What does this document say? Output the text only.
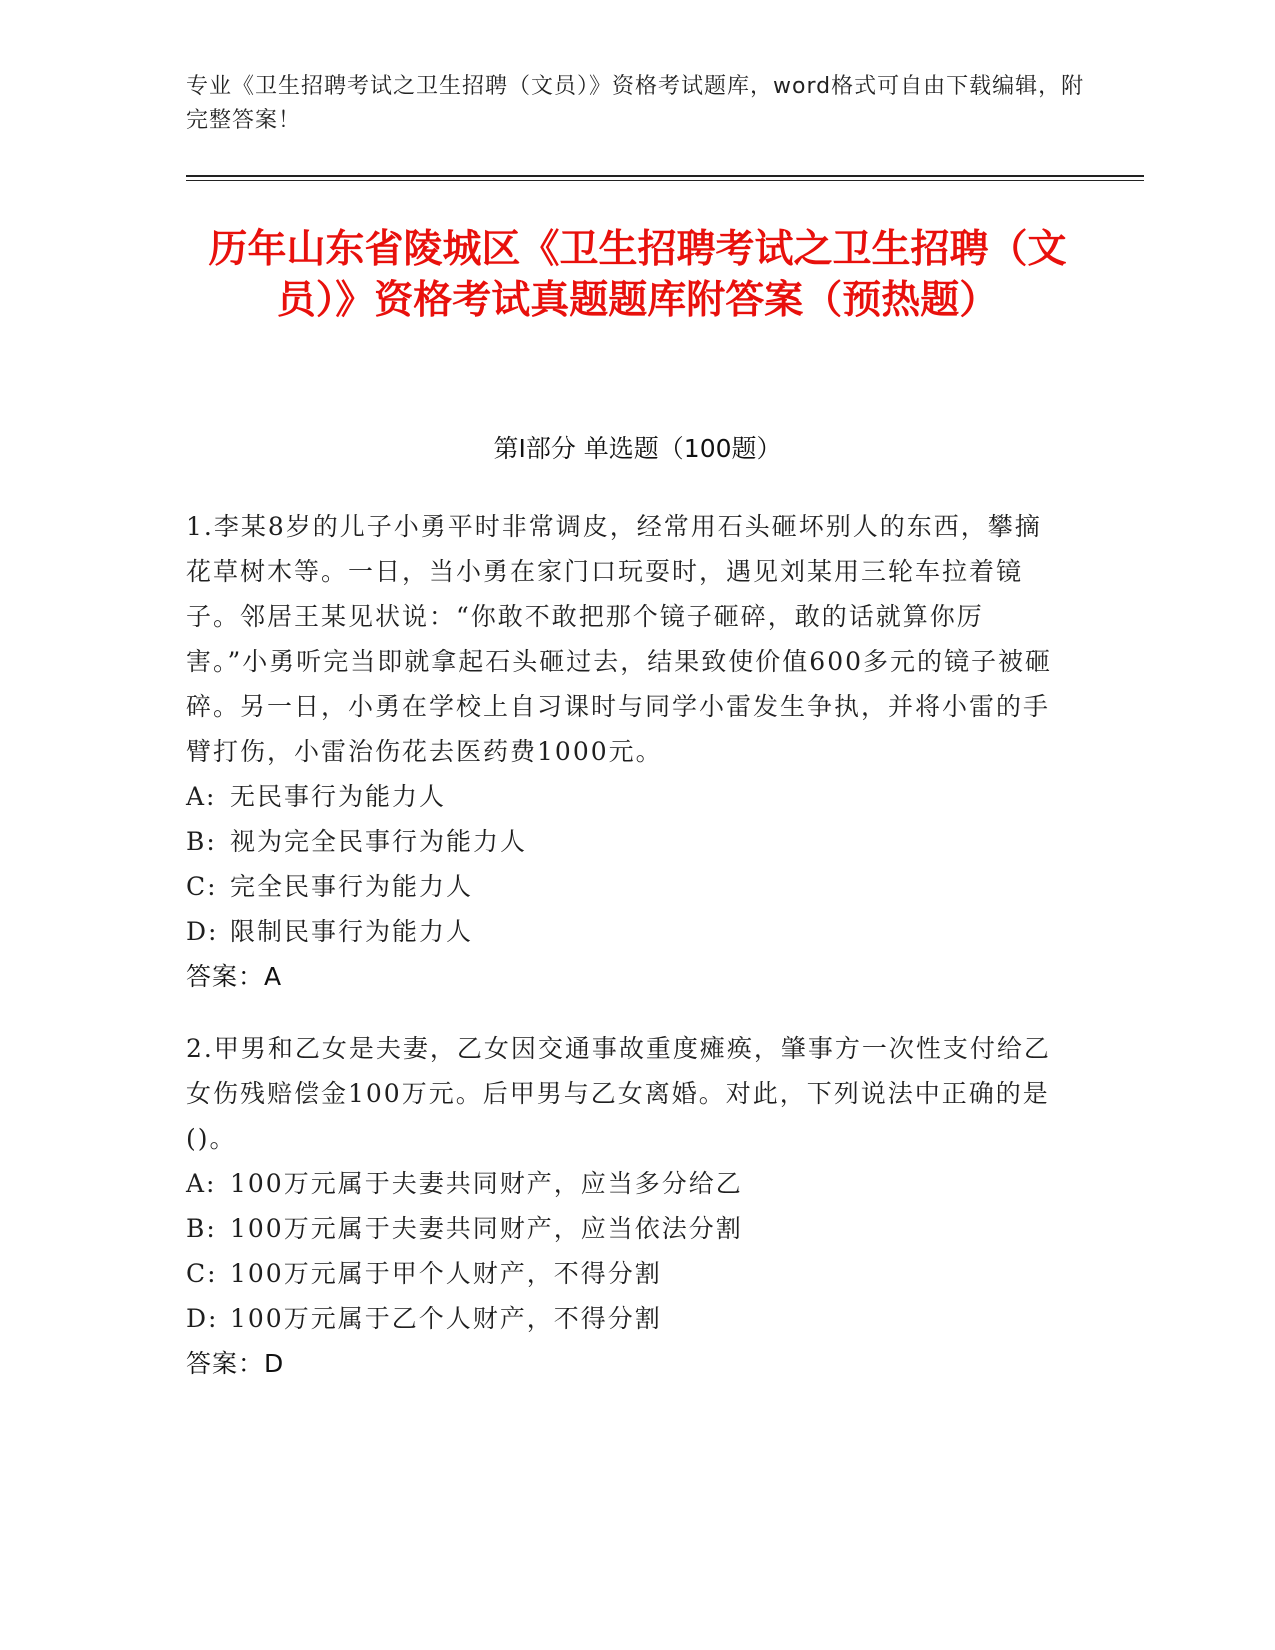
专业《卫生招聘考试之卫生招聘（文员）》资格考试题库，word格式可自由下载编辑，附完整答案！
历年山东省陵城区《卫生招聘考试之卫生招聘（文员）》资格考试真题题库附答案（预热题）
第Ⅰ部分 单选题（100题）
1.李某8岁的儿子小勇平时非常调皮，经常用石头砸坏别人的东西，攀摘花草树木等。一日，当小勇在家门口玩耍时，遇见刘某用三轮车拉着镜子。邻居王某见状说：“你敢不敢把那个镜子砸碎，敢的话就算你厉害。”小勇听完当即就拿起石头砸过去，结果致使价值600多元的镜子被砸碎。另一日，小勇在学校上自习课时与同学小雷发生争执，并将小雷的手臂打伤，小雷治伤花去医药费1000元。
A: 无民事行为能力人
B: 视为完全民事行为能力人
C: 完全民事行为能力人
D: 限制民事行为能力人
答案：A
2.甲男和乙女是夫妻，乙女因交通事故重度瘫痪，肇事方一次性支付给乙女伤残赔偿金100万元。后甲男与乙女离婚。对此，下列说法中正确的是()。
A: 100万元属于夫妻共同财产，应当多分给乙
B: 100万元属于夫妻共同财产，应当依法分割
C: 100万元属于甲个人财产，不得分割
D: 100万元属于乙个人财产，不得分割
答案：D
